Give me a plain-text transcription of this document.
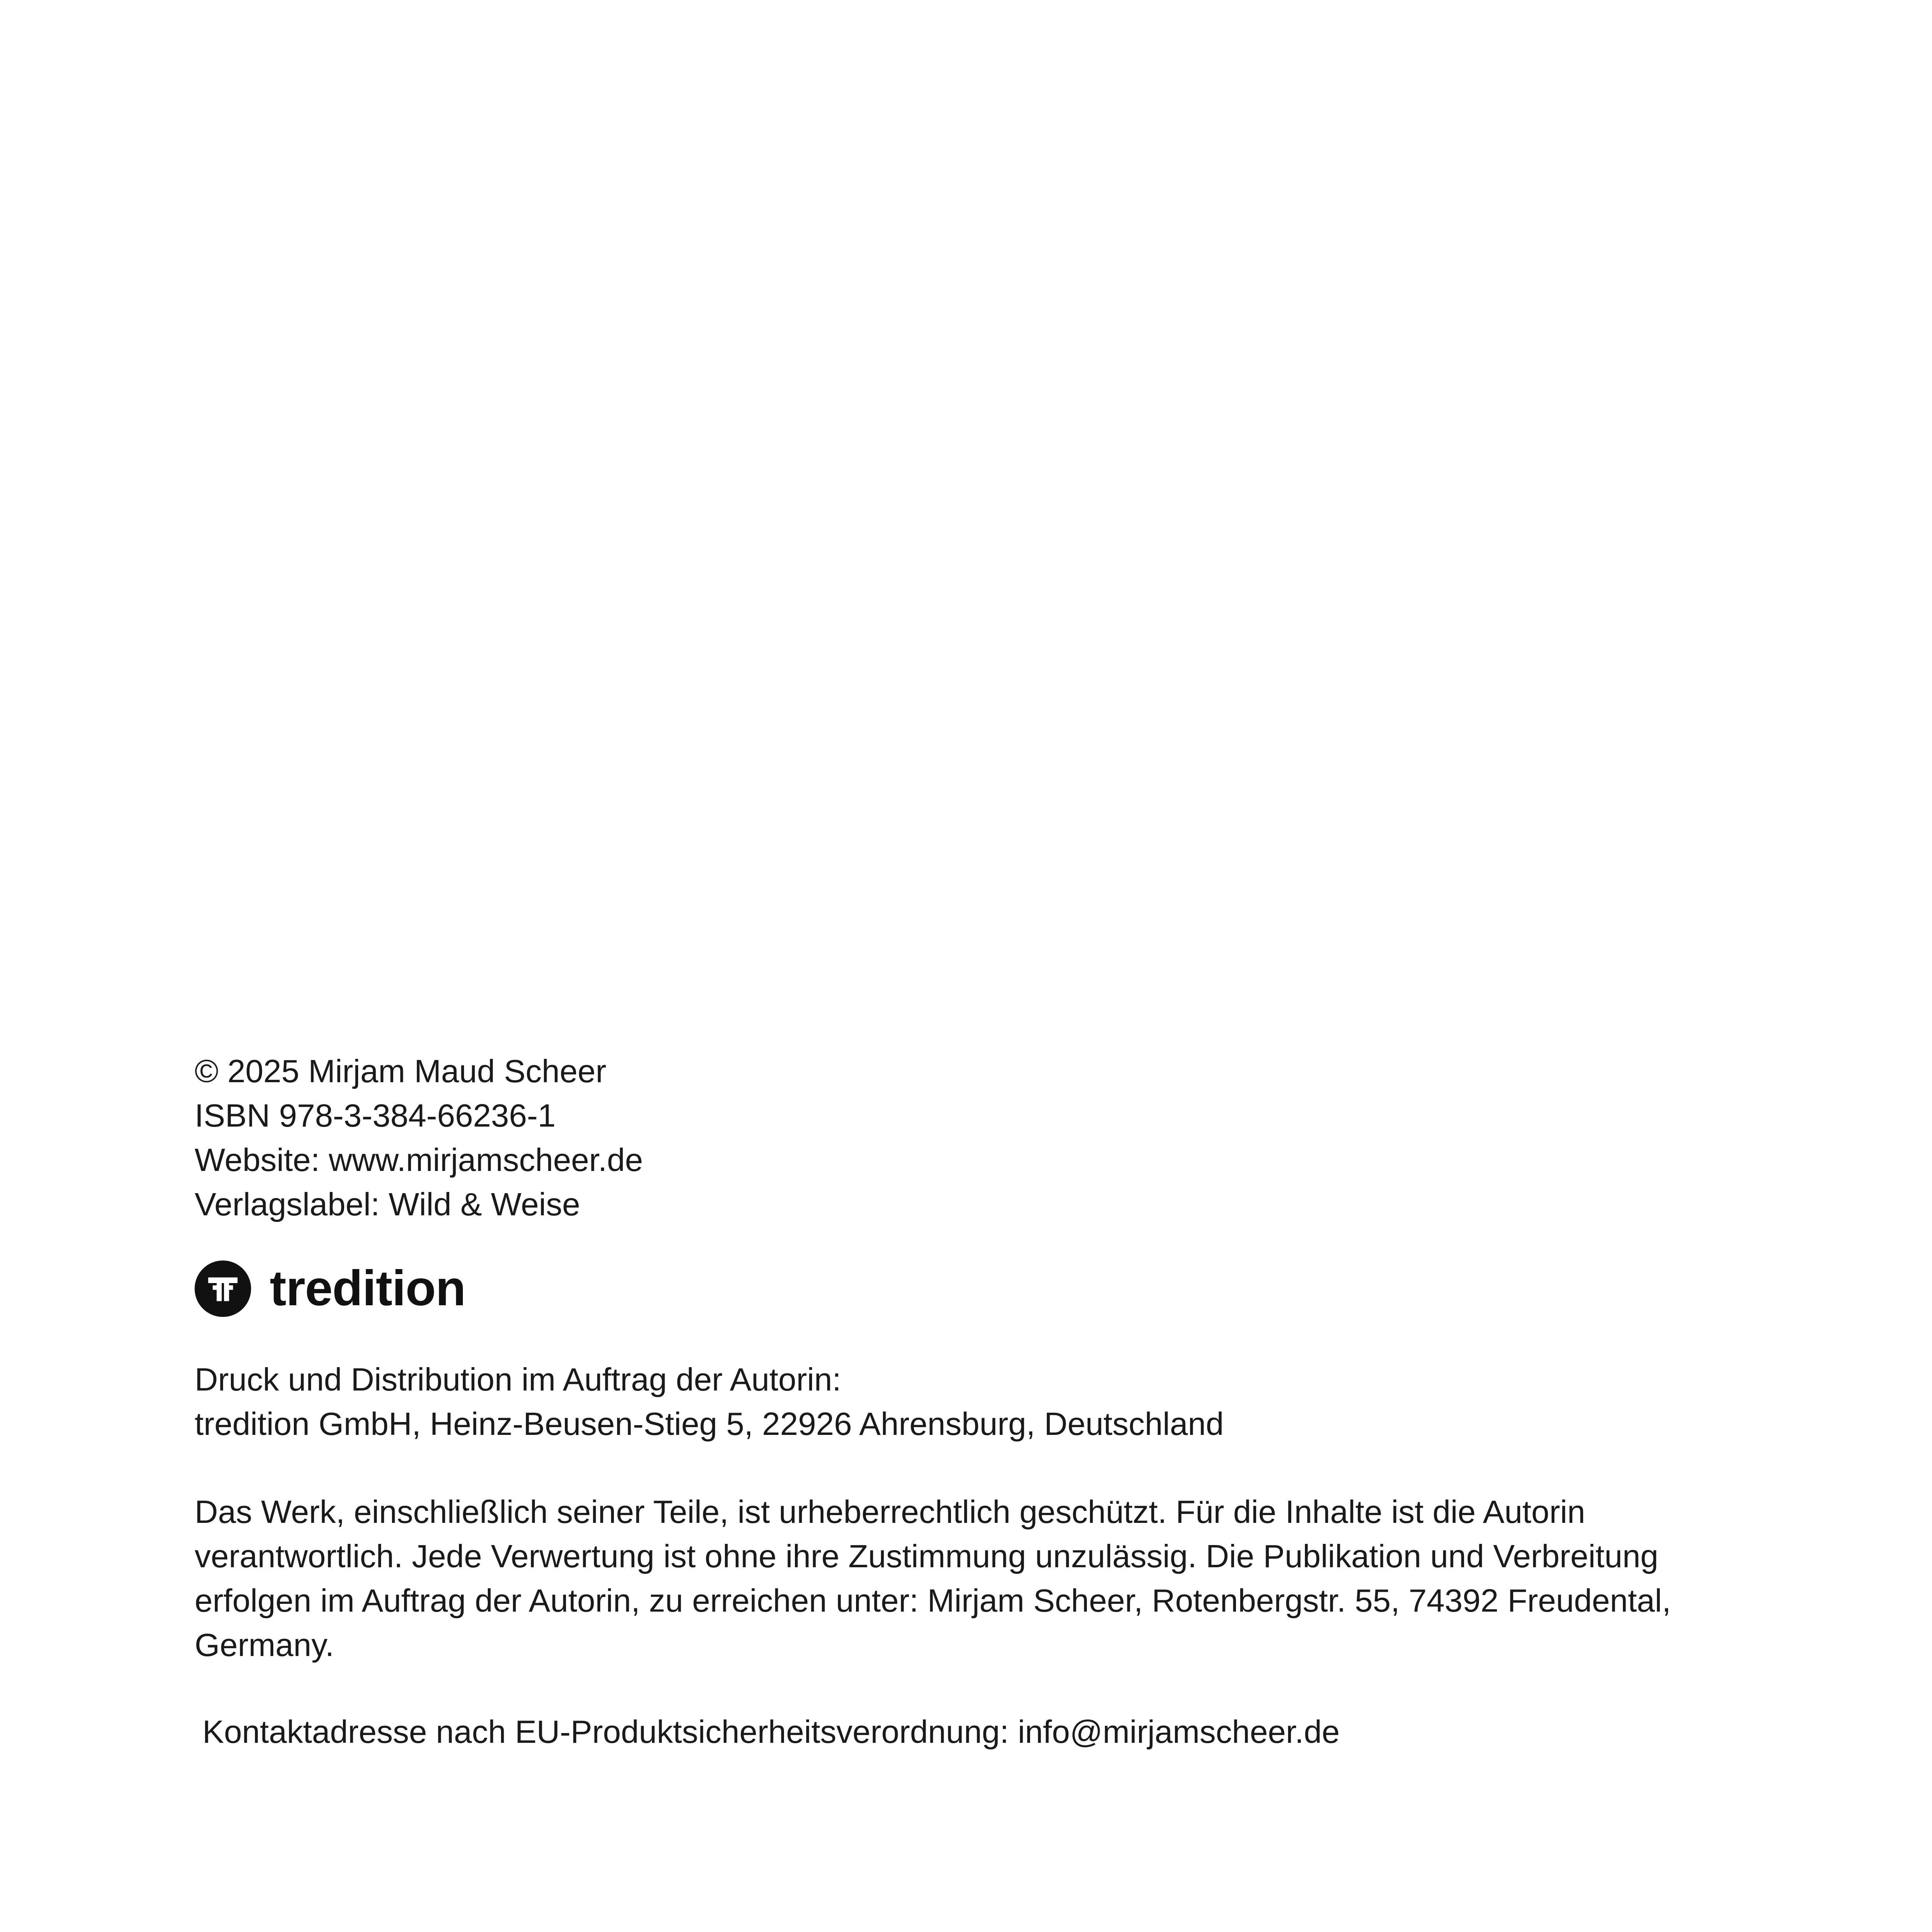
© 2025 Mirjam Maud Scheer
ISBN 978-3-384-66236-1
Website: www.mirjamscheer.de
Verlagslabel: Wild & Weise
tredition
Druck und Distribution im Auftrag der Autorin:
tredition GmbH, Heinz-Beusen-Stieg 5, 22926 Ahrensburg, Deutschland
Das Werk, einschließlich seiner Teile, ist urheberrechtlich geschützt. Für die Inhalte ist die Autorin
verantwortlich. Jede Verwertung ist ohne ihre Zustimmung unzulässig. Die Publikation und Verbreitung
erfolgen im Auftrag der Autorin, zu erreichen unter: Mirjam Scheer, Rotenbergstr. 55, 74392 Freudental,
Germany.
Kontaktadresse nach EU-Produktsicherheitsverordnung: info@mirjamscheer.de
